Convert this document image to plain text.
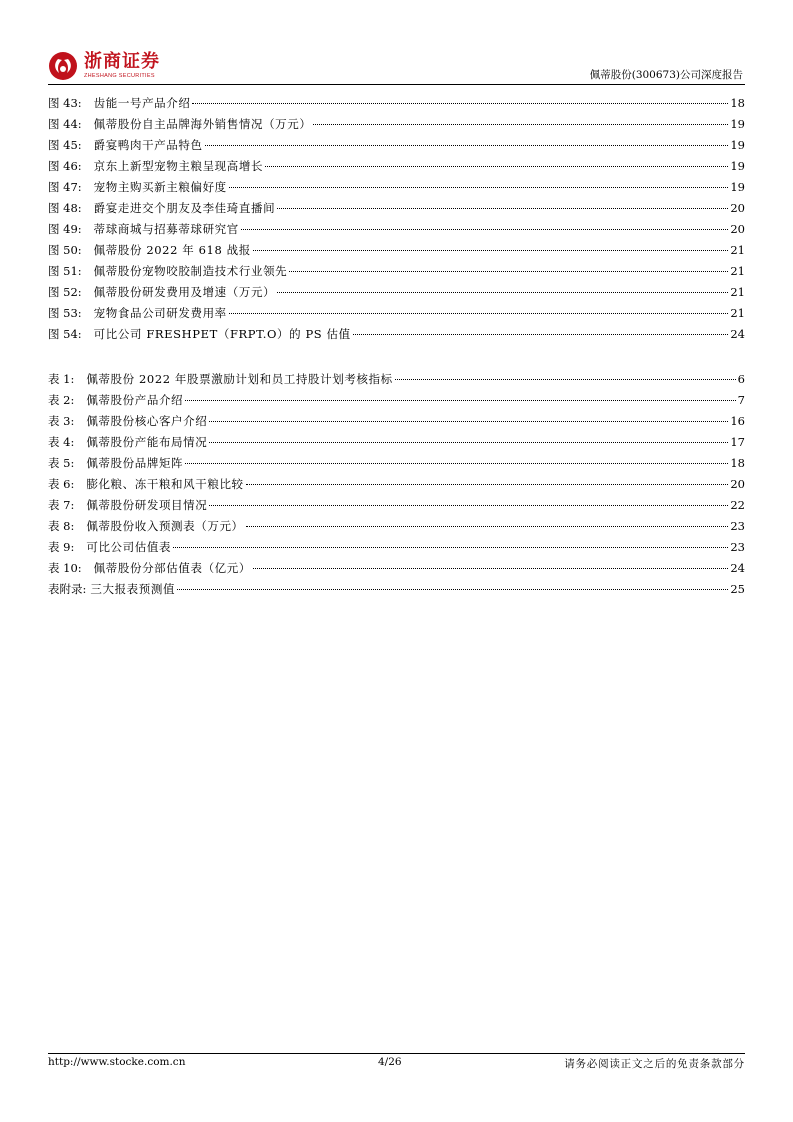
浙商证券
ZHESHANG SECURITIES	佩蒂股份(300673)公司深度报告
图 43: 齿能一号产品介绍	18
图 44: 佩蒂股份自主品牌海外销售情况（万元）	19
图 45: 爵宴鸭肉干产品特色	19
图 46: 京东上新型宠物主粮呈现高增长	19
图 47: 宠物主购买新主粮偏好度	19
图 48: 爵宴走进交个朋友及李佳琦直播间	20
图 49: 蒂球商城与招募蒂球研究官	20
图 50: 佩蒂股份 2022 年 618 战报	21
图 51: 佩蒂股份宠物咬胶制造技术行业领先	21
图 52: 佩蒂股份研发费用及增速（万元）	21
图 53: 宠物食品公司研发费用率	21
图 54: 可比公司 FRESHPET（FRPT.O）的 PS 估值	24
表 1: 佩蒂股份 2022 年股票激励计划和员工持股计划考核指标	6
表 2: 佩蒂股份产品介绍	7
表 3: 佩蒂股份核心客户介绍	16
表 4: 佩蒂股份产能布局情况	17
表 5: 佩蒂股份品牌矩阵	18
表 6: 膨化粮、冻干粮和风干粮比较	20
表 7: 佩蒂股份研发项目情况	22
表 8: 佩蒂股份收入预测表（万元）	23
表 9: 可比公司估值表	23
表 10: 佩蒂股份分部估值表（亿元）	24
表附录: 三大报表预测值	25
http://www.stocke.com.cn	4/26	请务必阅读正文之后的免责条款部分
